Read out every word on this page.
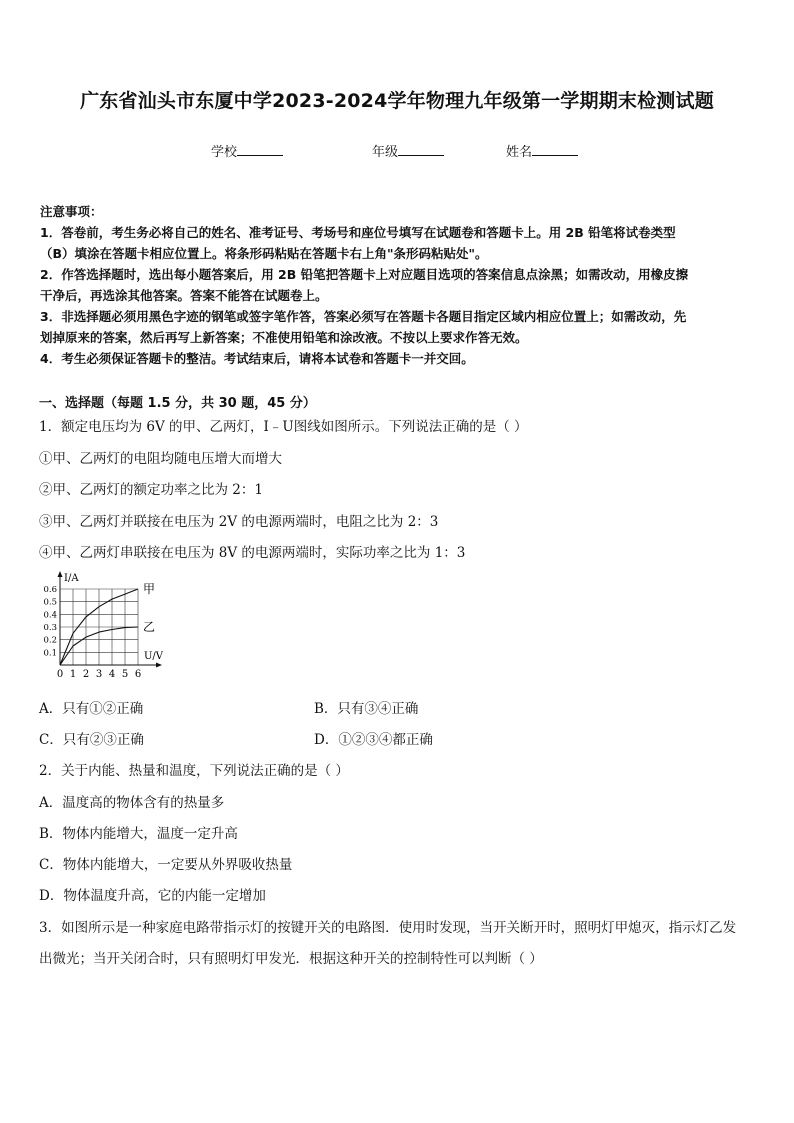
广东省汕头市东厦中学2023-2024学年物理九年级第一学期期末检测试题
学校	年级	姓名
注意事项：
1．答卷前，考生务必将自己的姓名、准考证号、考场号和座位号填写在试题卷和答题卡上。用 2B 铅笔将试卷类型
（B）填涂在答题卡相应位置上。将条形码粘贴在答题卡右上角"条形码粘贴处"。
2．作答选择题时，选出每小题答案后，用 2B 铅笔把答题卡上对应题目选项的答案信息点涂黑；如需改动，用橡皮擦
干净后，再选涂其他答案。答案不能答在试题卷上。
3．非选择题必须用黑色字迹的钢笔或签字笔作答，答案必须写在答题卡各题目指定区域内相应位置上；如需改动，先
划掉原来的答案，然后再写上新答案；不准使用铅笔和涂改液。不按以上要求作答无效。
4．考生必须保证答题卡的整洁。考试结束后，请将本试卷和答题卡一并交回。
一、选择题（每题 1.5 分，共 30 题，45 分）
1．额定电压均为 6V 的甲、乙两灯，I﹣U图线如图所示。下列说法正确的是（ ）
①甲、乙两灯的电阻均随电压增大而增大
②甲、乙两灯的额定功率之比为 2：1
③甲、乙两灯并联接在电压为 2V 的电源两端时，电阻之比为 2：3
④甲、乙两灯串联接在电压为 8V 的电源两端时，实际功率之比为 1：3
0 1 2 3 4 5 6
0.1
0.2
0.3
0.4
0.5
0.6	甲
乙
I/A
U/V
A．只有①②正确	B．只有③④正确
C．只有②③正确	D．①②③④都正确
2．关于内能、热量和温度，下列说法正确的是（ ）
A．温度高的物体含有的热量多
B．物体内能增大，温度一定升高
C．物体内能增大，一定要从外界吸收热量
D．物体温度升高，它的内能一定增加
3．如图所示是一种家庭电路带指示灯的按键开关的电路图．使用时发现，当开关断开时，照明灯甲熄灭，指示灯乙发
出微光；当开关闭合时，只有照明灯甲发光．根据这种开关的控制特性可以判断（ ）
